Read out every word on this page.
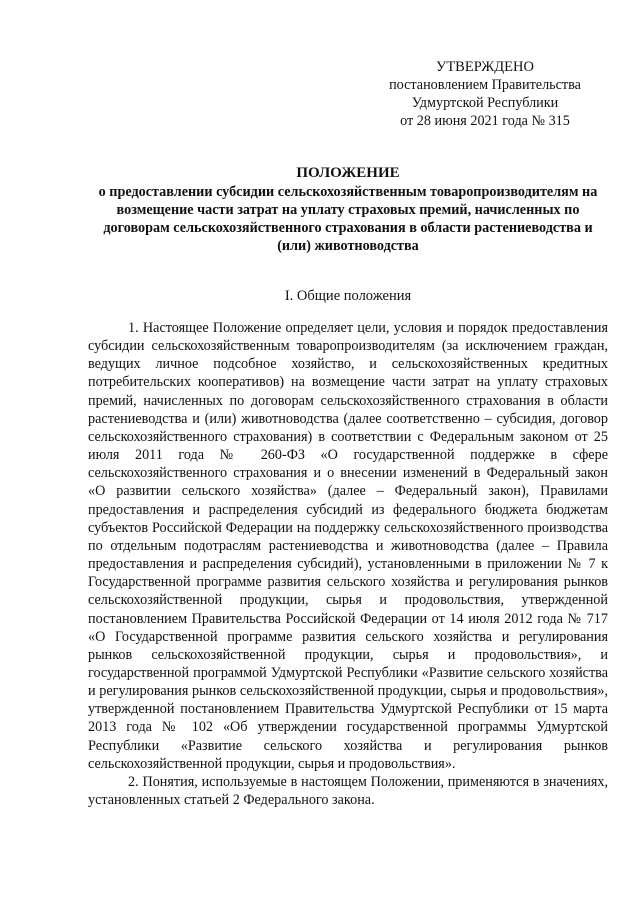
УТВЕРЖДЕНО
постановлением Правительства
Удмуртской Республики
от 28 июня 2021 года № 315
ПОЛОЖЕНИЕ
о предоставлении субсидии сельскохозяйственным товаропроизводителям на возмещение части затрат на уплату страховых премий, начисленных по договорам сельскохозяйственного страхования в области растениеводства и (или) животноводства
I. Общие положения

1. Настоящее Положение определяет цели, условия и порядок предоставления субсидии сельскохозяйственным товаропроизводителям (за исключением граждан, ведущих личное подсобное хозяйство, и сельскохозяйственных кредитных потребительских кооперативов) на возмещение части затрат на уплату страховых премий, начисленных по договорам сельскохозяйственного страхования в области растениеводства и (или) животноводства (далее соответственно – субсидия, договор сельскохозяйственного страхования) в соответствии с Федеральным законом от 25 июля 2011 года № 260-ФЗ «О государственной поддержке в сфере сельскохозяйственного страхования и о внесении изменений в Федеральный закон «О развитии сельского хозяйства» (далее – Федеральный закон), Правилами предоставления и распределения субсидий из федерального бюджета бюджетам субъектов Российской Федерации на поддержку сельскохозяйственного производства по отдельным подотраслям растениеводства и животноводства (далее – Правила предоставления и распределения субсидий), установленными в приложении № 7 к Государственной программе развития сельского хозяйства и регулирования рынков сельскохозяйственной продукции, сырья и продовольствия, утвержденной постановлением Правительства Российской Федерации от 14 июля 2012 года № 717 «О Государственной программе развития сельского хозяйства и регулирования рынков сельскохозяйственной продукции, сырья и продовольствия», и государственной программой Удмуртской Республики «Развитие сельского хозяйства и регулирования рынков сельскохозяйственной продукции, сырья и продовольствия», утвержденной постановлением Правительства Удмуртской Республики от 15 марта 2013 года № 102 «Об утверждении государственной программы Удмуртской Республики «Развитие сельского хозяйства и регулирования рынков сельскохозяйственной продукции, сырья и продовольствия».

2. Понятия, используемые в настоящем Положении, применяются в значениях, установленных статьей 2 Федерального закона.
